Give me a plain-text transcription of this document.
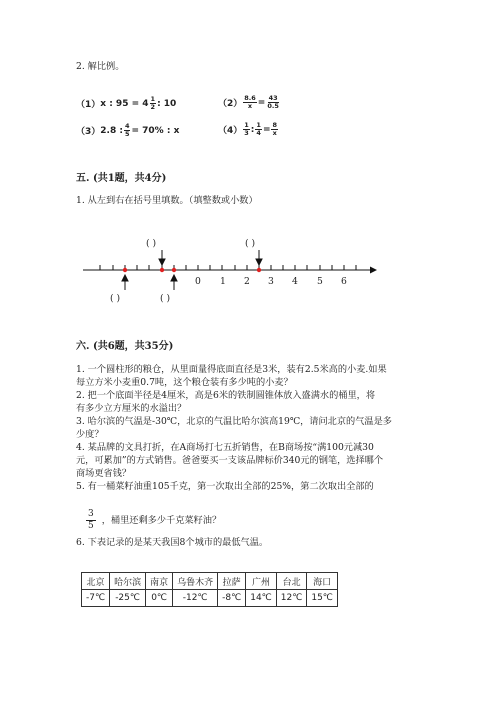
2. 解比例。
（1） x : $95 = 4 \frac{1}{2}$ : 10	$(2) \frac{8.6}{x} = \frac{43}{0.5}$
（3） 2.8 : $\frac{4}{5} = 70\%$ : x	$(4) \frac{1}{3}$ : $\frac{1}{4} = \frac{8}{x}$
五. (共1题，共4分)
1. 从左到右在括号里填数。（填整数或小数）
( )	( )
( )	( )
0 1 2 3 4 5 6
六. (共6题，共35分)
1. 一个圆柱形的粮仓，从里面量得底面直径是3米，装有2.5米高的小麦.如果
每立方米小麦重0.7吨，这个粮仓装有多少吨的小麦？
2. 把一个底面半径是4厘米，高是6米的铁制圆锥体放入盛满水的桶里，将
有多少立方厘米的水溢出？
3. 哈尔滨的气温是-30℃，北京的气温比哈尔滨高19℃，请问北京的气温是多
少度？
4. 某品牌的文具打折，在A商场打七五折销售，在B商场按“满100元减30
元，可累加”的方式销售。爸爸要买一支该品牌标价340元的钢笔，选择哪个
商场更省钱？
5. 有一桶菜籽油重105千克，第一次取出全部的25%，第二次取出全部的
3
5 ，桶里还剩多少千克菜籽油？
6. 下表记录的是某天我国8个城市的最低气温。
北京	哈尔滨	南京	乌鲁木齐	拉萨	广州	台北	海口
-7℃	-25℃	0℃	-12℃	-8℃	14℃	12℃	15℃
